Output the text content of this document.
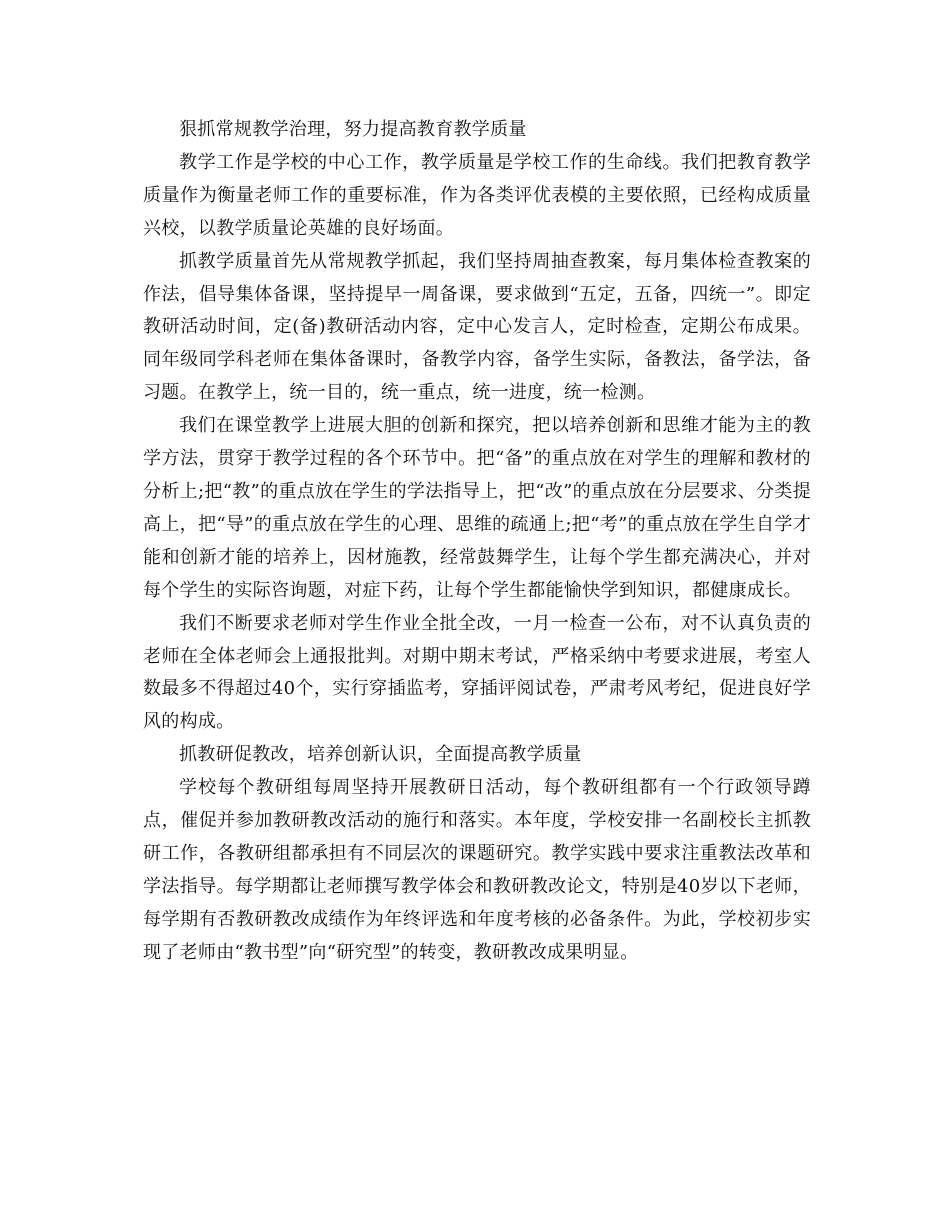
狠抓常规教学治理，努力提高教育教学质量

教学工作是学校的中心工作，教学质量是学校工作的生命线。我们把教育教学质量作为衡量老师工作的重要标准，作为各类评优表模的主要依照，已经构成质量兴校，以教学质量论英雄的良好场面。

抓教学质量首先从常规教学抓起，我们坚持周抽查教案，每月集体检查教案的作法，倡导集体备课，坚持提早一周备课，要求做到“五定，五备，四统一”。即定教研活动时间，定(备)教研活动内容，定中心发言人，定时检查，定期公布成果。同年级同学科老师在集体备课时，备教学内容，备学生实际，备教法，备学法，备习题。在教学上，统一目的，统一重点，统一进度，统一检测。

我们在课堂教学上进展大胆的创新和探究，把以培养创新和思维才能为主的教学方法，贯穿于教学过程的各个环节中。把“备”的重点放在对学生的理解和教材的分析上;把“教”的重点放在学生的学法指导上，把“改”的重点放在分层要求、分类提高上，把“导”的重点放在学生的心理、思维的疏通上;把“考”的重点放在学生自学才能和创新才能的培养上，因材施教，经常鼓舞学生，让每个学生都充满决心，并对每个学生的实际咨询题，对症下药，让每个学生都能愉快学到知识，都健康成长。

我们不断要求老师对学生作业全批全改，一月一检查一公布，对不认真负责的老师在全体老师会上通报批判。对期中期末考试，严格采纳中考要求进展，考室人数最多不得超过40个，实行穿插监考，穿插评阅试卷，严肃考风考纪，促进良好学风的构成。

抓教研促教改，培养创新认识，全面提高教学质量

学校每个教研组每周坚持开展教研日活动，每个教研组都有一个行政领导蹲点，催促并参加教研教改活动的施行和落实。本年度，学校安排一名副校长主抓教研工作，各教研组都承担有不同层次的课题研究。教学实践中要求注重教法改革和学法指导。每学期都让老师撰写教学体会和教研教改论文，特别是40岁以下老师，每学期有否教研教改成绩作为年终评选和年度考核的必备条件。为此，学校初步实现了老师由“教书型”向“研究型”的转变，教研教改成果明显。
